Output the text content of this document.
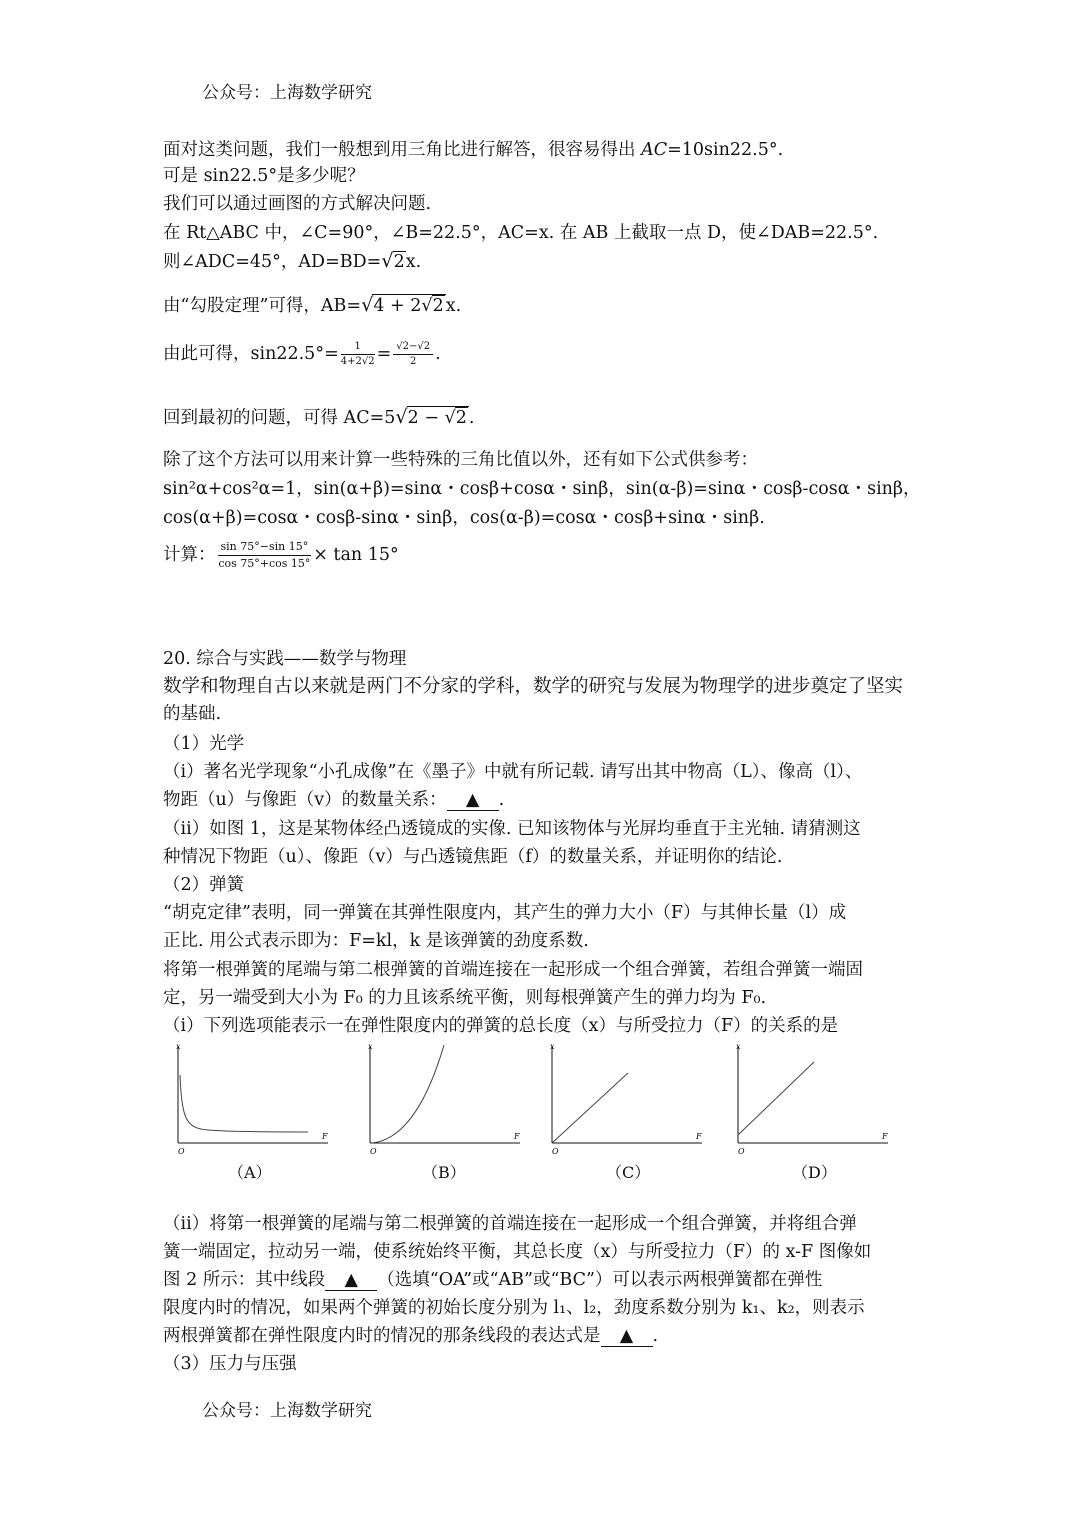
公众号：上海数学研究
面对这类问题，我们一般想到用三角比进行解答，很容易得出 AC=10sin22.5°.
可是 sin22.5°是多少呢？
我们可以通过画图的方式解决问题.
在 Rt△ABC 中，∠C=90°，∠B=22.5°，AC=x. 在 AB 上截取一点 D，使∠DAB=22.5°.
则∠ADC=45°，AD=BD=√2x.
由“勾股定理”可得，AB=√4 + 2√2 x.
由此可得，$\sin 22.5^\circ= \frac{1}{4+2√2} = \frac{√2-√2}{2}$ .
回到最初的问题，可得 AC=5√2 − √2 .
除了这个方法可以用来计算一些特殊的三角比值以外，还有如下公式供参考：
sin²α+cos²α=1，sin(α+β)=sinα・cosβ+cosα・sinβ，sin(α-β)=sinα・cosβ-cosα・sinβ，
cos(α+β)=cosα・cosβ-sinα・sinβ，cos(α-β)=cosα・cosβ+sinα・sinβ.
计算： $\frac{\sin 75^\circ-\sin 15^\circ}{\cos 75^\circ+\cos 15^\circ} \times \tan 15^\circ$
20. 综合与实践——数学与物理
数学和物理自古以来就是两门不分家的学科，数学的研究与发展为物理学的进步奠定了坚实
的基础.
（1）光学
（i）著名光学现象“小孔成像”在《墨子》中就有所记载. 请写出其中物高（L）、像高（l）、
物距（u）与像距（v）的数量关系： ▲ .
（ii）如图 1，这是某物体经凸透镜成的实像. 已知该物体与光屏均垂直于主光轴. 请猜测这
种情况下物距（u）、像距（v）与凸透镜焦距（f）的数量关系，并证明你的结论.
（2）弹簧
“胡克定律”表明，同一弹簧在其弹性限度内，其产生的弹力大小（F）与其伸长量（l）成
正比. 用公式表示即为：F=kl，k 是该弹簧的劲度系数.
将第一根弹簧的尾端与第二根弹簧的首端连接在一起形成一个组合弹簧，若组合弹簧一端固
定，另一端受到大小为 F₀ 的力且该系统平衡，则每根弹簧产生的弹力均为 F₀.
（i）下列选项能表示一在弹性限度内的弹簧的总长度（x）与所受拉力（F）的关系的是
x
F
O
（A）
x
F
O
（B）
x
F
O
（C）
x
F
O
（D）
（ii）将第一根弹簧的尾端与第二根弹簧的首端连接在一起形成一个组合弹簧，并将组合弹
簧一端固定，拉动另一端，使系统始终平衡，其总长度（x）与所受拉力（F）的 x-F 图像如
图 2 所示：其中线段 ▲ （选填“OA”或“AB”或“BC”）可以表示两根弹簧都在弹性
限度内时的情况，如果两个弹簧的初始长度分别为 l₁、l₂，劲度系数分别为 k₁、k₂，则表示
两根弹簧都在弹性限度内时的情况的那条线段的表达式是 ▲ .
（3）压力与压强
公众号：上海数学研究
